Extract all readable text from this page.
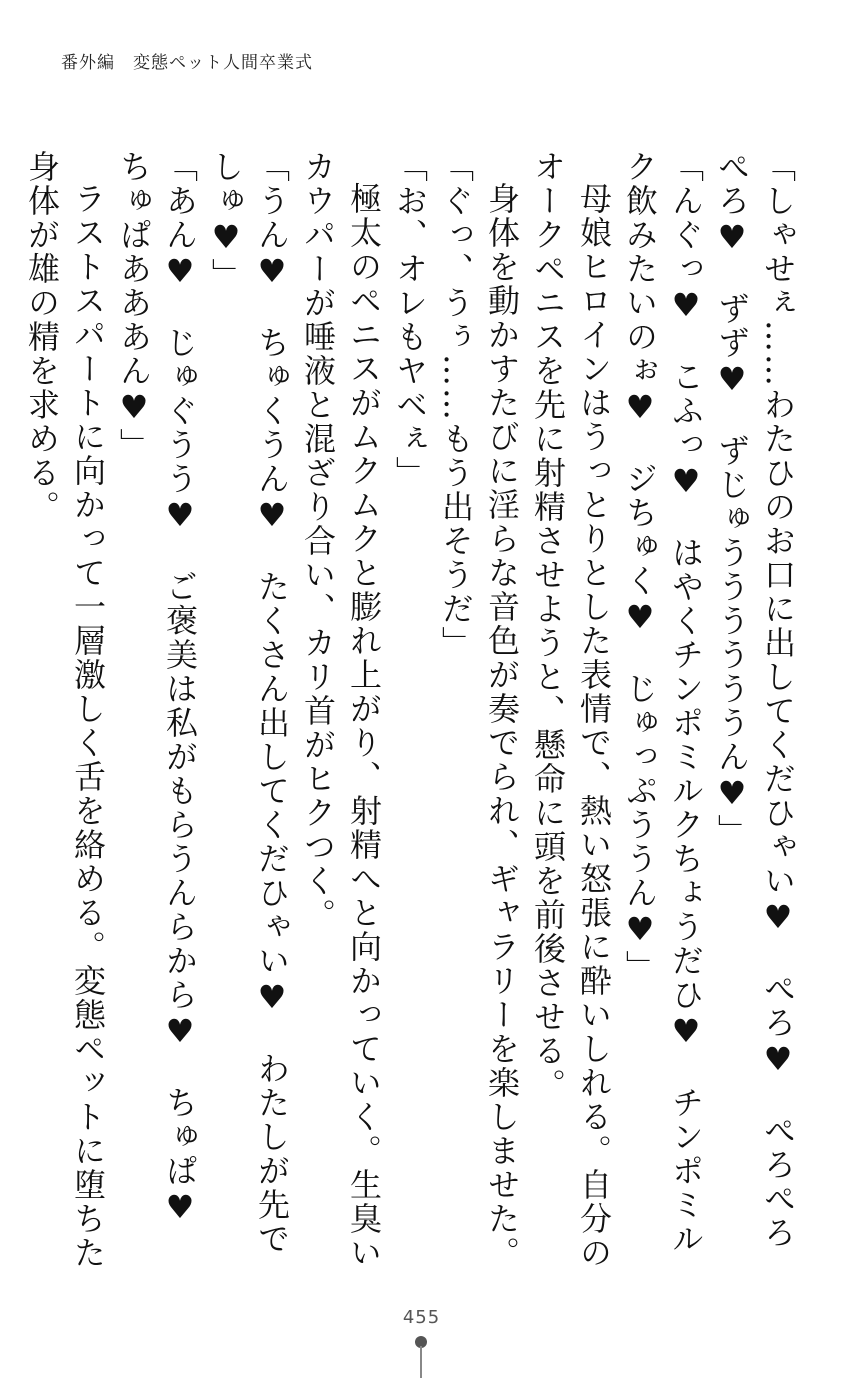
番外編　変態ペット人間卒業式

「しゃせぇ……わたひのお口に出してくだひゃい♥　ぺろ♥　ぺろぺろぺろ♥　ずず♥　ずじゅううううううん♥」

「んぐっ♥　こふっ♥　はやくチンポミルクちょうだひ♥　チンポミルク飲みたいのぉ♥　ジちゅく♥　じゅっぷううん♥」

母娘ヒロインはうっとりとした表情で、熱い怒張に酔いしれる。自分のオークペニスを先に射精させようと、懸命に頭を前後させる。

身体を動かすたびに淫らな音色が奏でられ、ギャラリーを楽しませた。

「ぐっ、うぅ……もう出そうだ」

「お、オレもヤベぇ」

極太のペニスがムクムクと膨れ上がり、射精へと向かっていく。生臭いカウパーが唾液と混ざり合い、カリ首がヒクつく。

「うん♥　ちゅくうん♥　たくさん出してくだひゃい♥　わたしが先でしゅ♥」

「あん♥　じゅぐうう♥　ご褒美は私がもらうんらから♥　ちゅぱ♥　ちゅぱあああん♥」

ラストスパートに向かって一層激しく舌を絡める。変態ペットに堕ちた身体が雄の精を求める。

455
